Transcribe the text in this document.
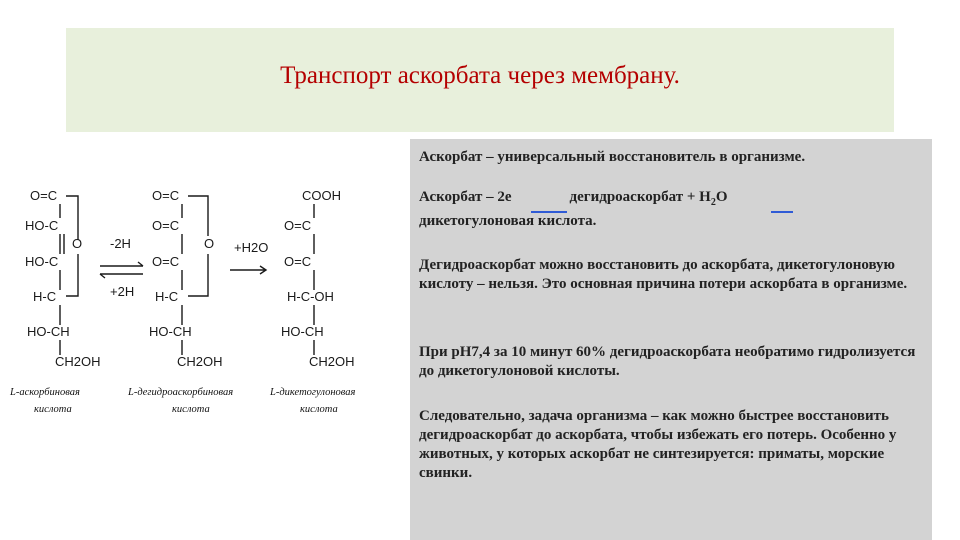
Транспорт аскорбата через мембрану.
O=C
HO-C
HO-C
H-C
HO-CH
CH2OH
O -2H
+2H
O=C
O=C
O=C
H-C
HO-CH
CH2OH
O +H2O
COOH
O=C
O=C
H-C-OH
HO-CH
CH2OH
L-аскорбиновая
кислота
L-дегидроаскорбиновая
кислота
L-дикетогулоновая
кислота
Аскорбат – универсальный восстановитель в организме.
Аскорбат – 2е	дегидроаскорбат + $Н_2О$
дикетогулоновая кислота.
Дегидроаскорбат можно восстановить до аскорбата, дикетогулоновую кислоту – нельзя. Это основная причина потери аскорбата в организме.
При рН7,4 за 10 минут 60% дегидроаскорбата необратимо гидролизуется до дикетогулоновой кислоты.
Следовательно, задача организма – как можно быстрее восстановить дегидроаскорбат до аскорбата, чтобы избежать его потерь. Особенно у животных, у которых аскорбат не синтезируется: приматы, морские свинки.
